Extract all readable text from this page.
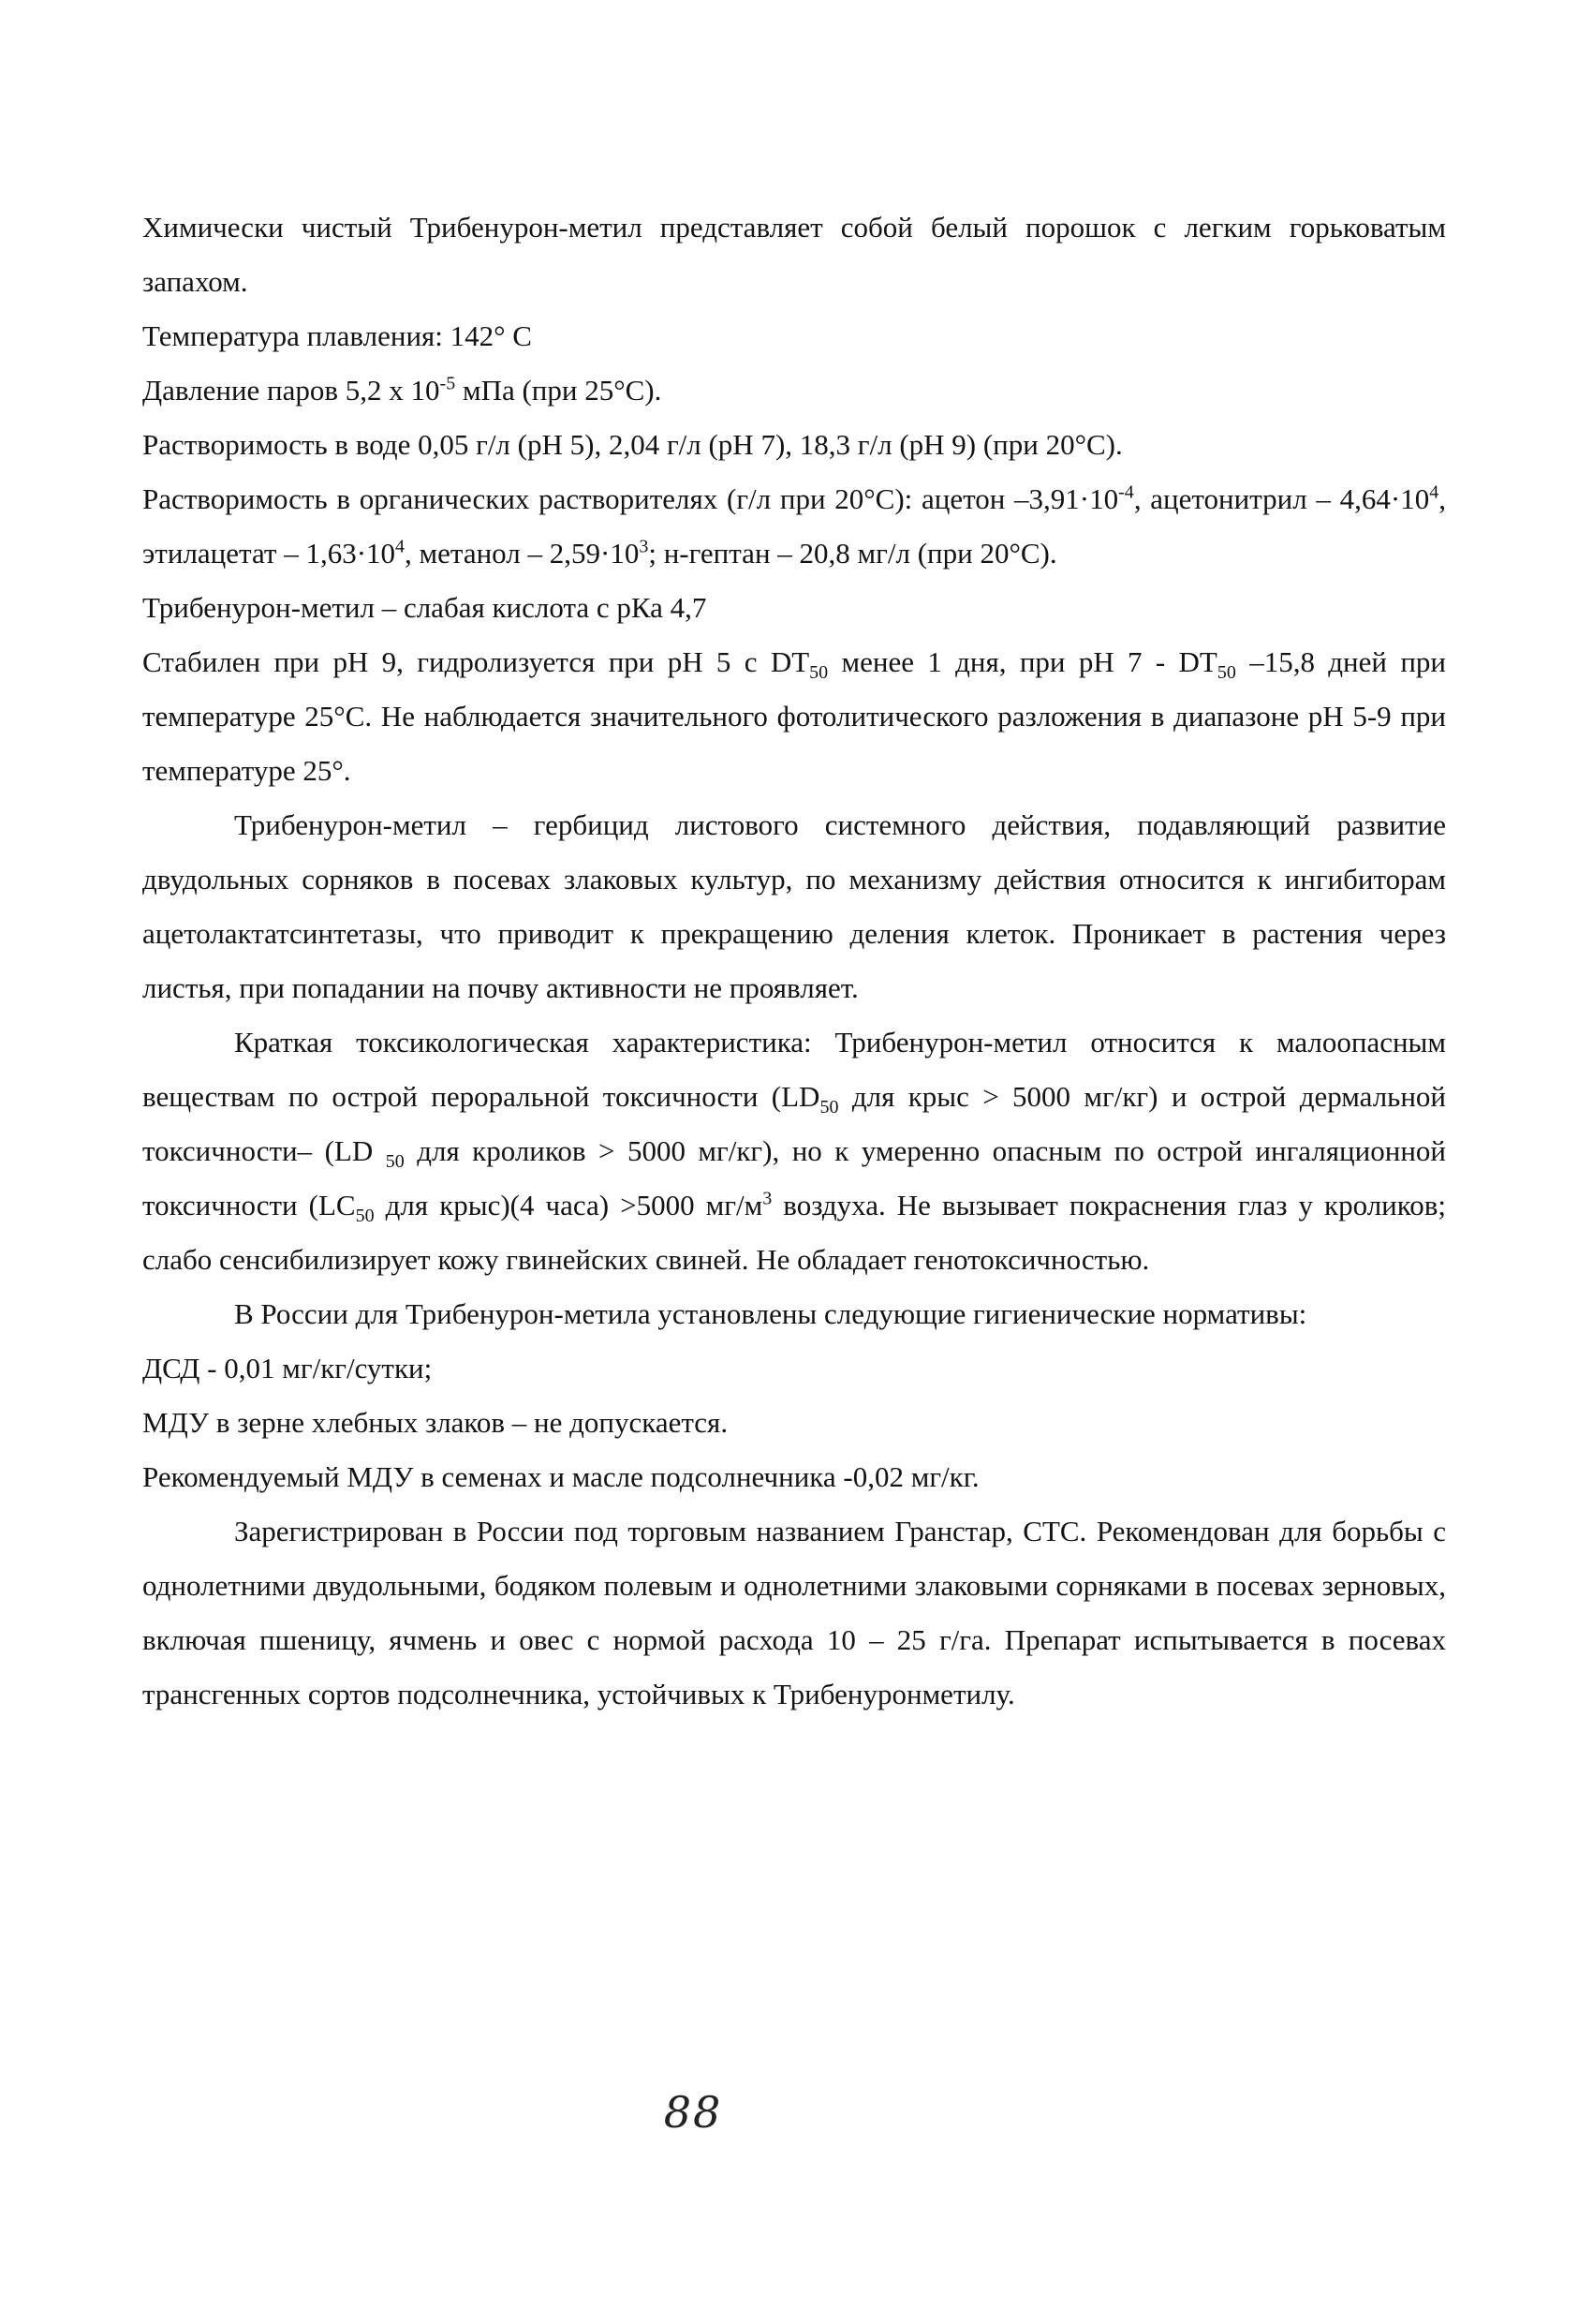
Химически чистый Трибенурон-метил представляет собой белый порошок с легким горьковатым запахом.

Температура плавления: 142° С

Давление паров 5,2 х $10^{-5}$ мПа (при 25°С).

Растворимость в воде 0,05 г/л (рН 5), 2,04 г/л (рН 7), 18,3 г/л (рН 9) (при 20°С).

Растворимость в органических растворителях (г/л при 20°С): ацетон $-3,91\cdot 10^{-4}$, ацетонитрил – $4,64\cdot 10^4$, этилацетат – $1,63\cdot 10^4$, метанол – $2,59\cdot 10^3$; н-гептан – 20,8 мг/л (при 20°С).

Трибенурон-метил – слабая кислота с рКа 4,7

Стабилен при рН 9, гидролизуется при рН 5 с $DT_{50}$ менее 1 дня, при рН $7 - DT_{50}$ –15,8 дней при температуре 25°С. Не наблюдается значительного фотолитического разложения в диапазоне рН 5-9 при температуре 25°.

Трибенурон-метил – гербицид листового системного действия, подавляющий развитие двудольных сорняков в посевах злаковых культур, по механизму действия относится к ингибиторам ацетолактатсинтетазы, что приводит к прекращению деления клеток. Проникает в растения через листья, при попадании на почву активности не проявляет.

Краткая токсикологическая характеристика: Трибенурон-метил относится к малоопасным веществам по острой пероральной токсичности ($LD_{50}$ для крыс > 5000 мг/кг) и острой дермальной токсичности– (LD $_{50}$ для кроликов > 5000 мг/кг), но к умеренно опасным по острой ингаляционной токсичности ($LC_{50}$ для крыс)(4 часа) >5000 $мг/м^3$ воздуха. Не вызывает покраснения глаз у кроликов; слабо сенсибилизирует кожу гвинейских свиней. Не обладает генотоксичностью.

В России для Трибенурон-метила установлены следующие гигиенические нормативы:

ДСД - 0,01 мг/кг/сутки;

МДУ в зерне хлебных злаков – не допускается.

Рекомендуемый МДУ в семенах и масле подсолнечника -0,02 мг/кг.

Зарегистрирован в России под торговым названием Гранстар, СТС. Рекомендован для борьбы с однолетними двудольными, бодяком полевым и однолетними злаковыми сорняками в посевах зерновых, включая пшеницу, ячмень и овес с нормой расхода 10 – 25 г/га. Препарат испытывается в посевах трансгенных сортов подсолнечника, устойчивых к Трибенуронметилу.

88
